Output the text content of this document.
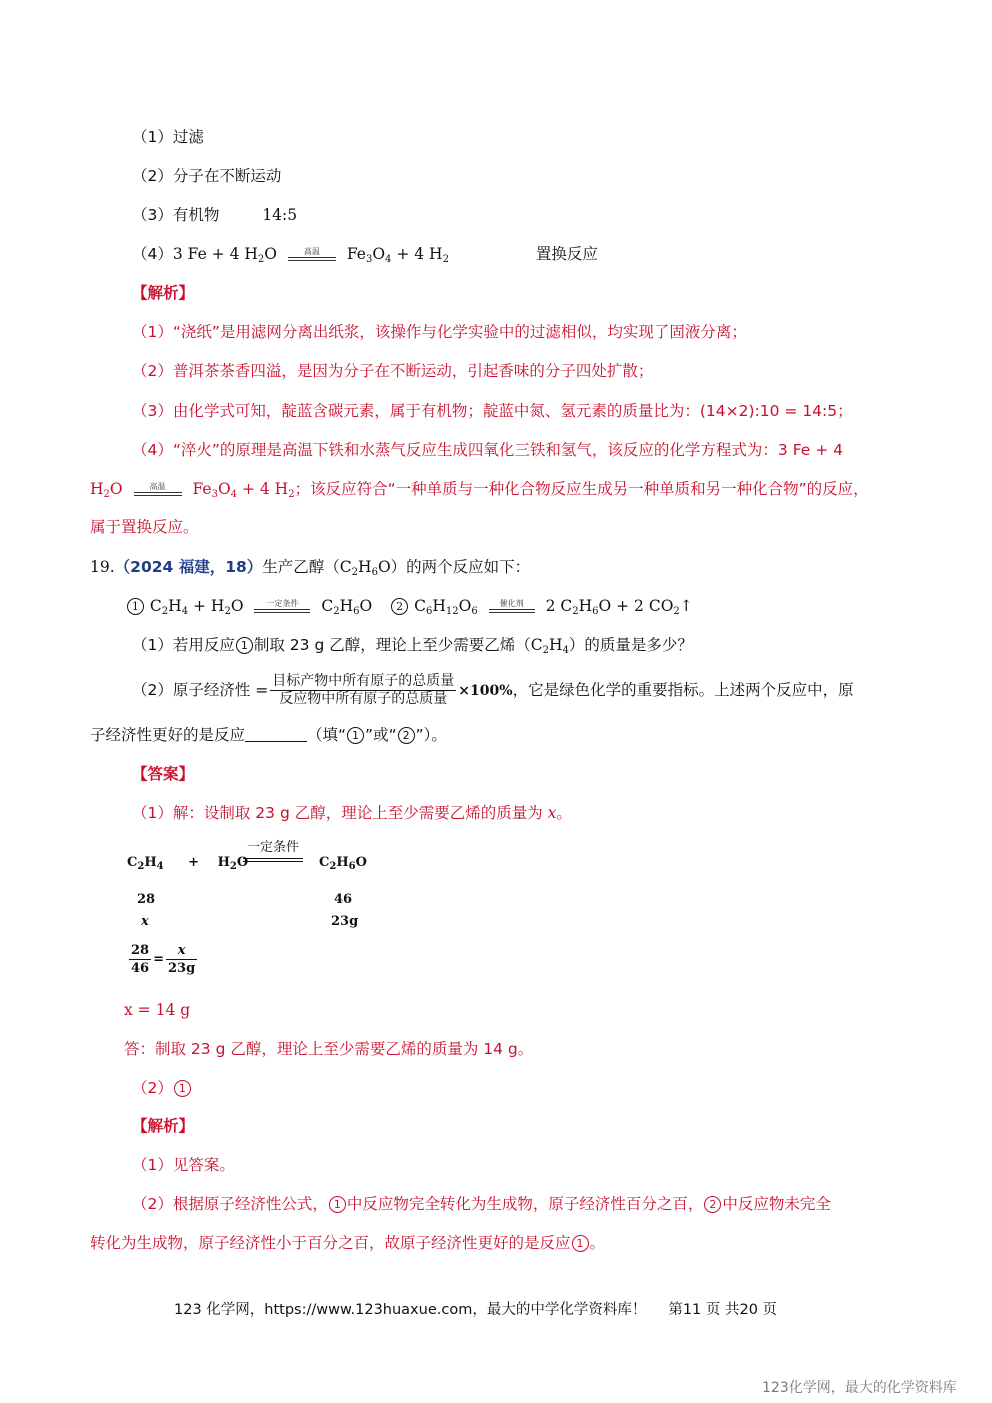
（1）过滤
（2）分子在不断运动
（3）有机物	14:5
（4）3 Fe + 4 $H_2O$	高温	$Fe_3O_4 + 4$ $H_2$	置换反应
【解析】
（1）“浇纸”是用滤网分离出纸浆，该操作与化学实验中的过滤相似，均实现了固液分离；
（2）普洱茶茶香四溢，是因为分子在不断运动，引起香味的分子四处扩散；
（3）由化学式可知，靛蓝含碳元素，属于有机物；靛蓝中氮、氢元素的质量比为：(14×2):10 = 14:5；
（4）“淬火”的原理是高温下铁和水蒸气反应生成四氧化三铁和氢气，该反应的化学方程式为：3 Fe + 4
$H_2O$	高温	$Fe_3O_4 + 4$ $H_2$；该反应符合“一种单质与一种化合物反应生成另一种单质和另一种化合物”的反应，
属于置换反应。
19.（2024 福建，18）生产乙醇$(C_2H_6O)$的两个反应如下：
1 $C_2H_4 + H_2O$	一定条件	$C_2H_6O$ 2 $C_6H_{12}O_6$
催化剂	2 $C_2H_6O + 2$ $CO_2↑$
（1）若用反应 1 制取 23 g 乙醇，理论上至少需要乙烯$(C_2H_4)$的质量是多少？
（2）原子经济性 = $\frac{\text{目标产物中所有原子的总质量}}{\text{反应物中所有原子的总质量}} \times 100\%$，它是绿色化学的重要指标。上述两个反应中，原
子经济性更好的是反应	（填“ 1 ”或“ 2 ”）。
【答案】
（1）解：设制取 23 g 乙醇，理论上至少需要乙烯的质量为 x。
$C_2H_4 + H_2O$
一定条件
$C_2H_6O$
28	46
x	23g
$\frac{28}{46} = \frac{x}{23g}$
x = 14 g
答：制取 23 g 乙醇，理论上至少需要乙烯的质量为 14 g。
（2） 1
【解析】
（1）见答案。
（2）根据原子经济性公式， 1 中反应物完全转化为生成物，原子经济性百分之百， 2 中反应物未完全
转化为生成物，原子经济性小于百分之百，故原子经济性更好的是反应 1 。
123 化学网，https://www.123huaxue.com，最大的中学化学资料库！ 第11 页 共20 页
123化学网，最大的化学资料库
